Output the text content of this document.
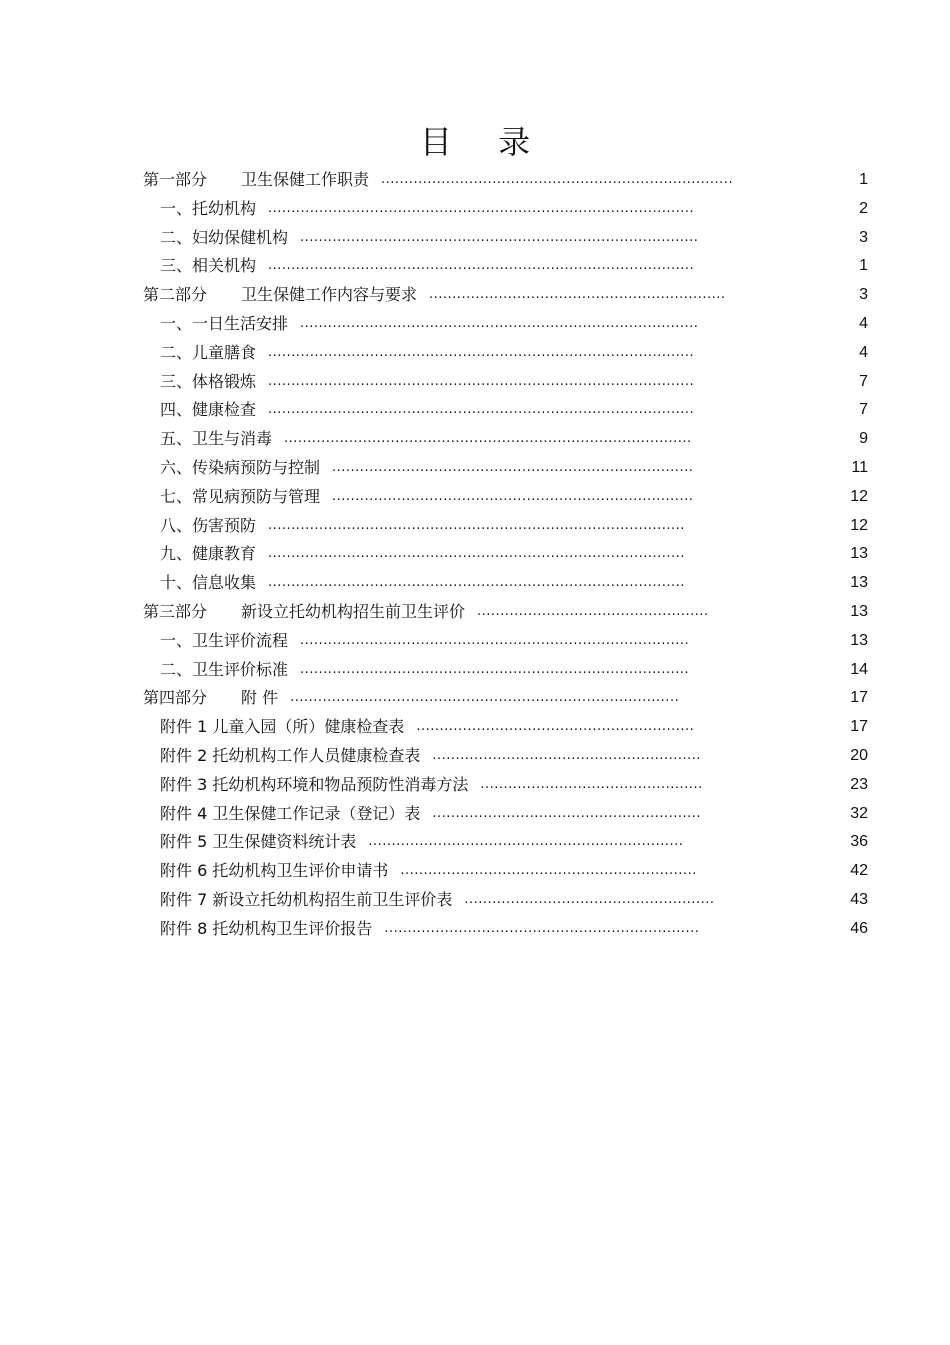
目 录
第一部分 卫生保健工作职责 ............................................................................	1
一、托幼机构 ............................................................................................	2
二、妇幼保健机构 ......................................................................................	3
三、相关机构 ............................................................................................	1
第二部分 卫生保健工作内容与要求 ................................................................	3
一、一日生活安排 ......................................................................................	4
二、儿童膳食 ............................................................................................	4
三、体格锻炼 ............................................................................................	7
四、健康检查 ............................................................................................	7
五、卫生与消毒 ........................................................................................	9
六、传染病预防与控制 ..............................................................................	11
七、常见病预防与管理 ..............................................................................	12
八、伤害预防 ..........................................................................................	12
九、健康教育 ..........................................................................................	13
十、信息收集 ..........................................................................................	13
第三部分 新设立托幼机构招生前卫生评价 ..................................................	13
一、卫生评价流程 ....................................................................................	13
二、卫生评价标准 ....................................................................................	14
第四部分 附 件 ....................................................................................	17
附件 1 儿童入园（所）健康检查表 ............................................................	17
附件 2 托幼机构工作人员健康检查表 ..........................................................	20
附件 3 托幼机构环境和物品预防性消毒方法 ................................................	23
附件 4 卫生保健工作记录（登记）表 ..........................................................	32
附件 5 卫生保健资料统计表 ....................................................................	36
附件 6 托幼机构卫生评价申请书 ................................................................	42
附件 7 新设立托幼机构招生前卫生评价表 ......................................................	43
附件 8 托幼机构卫生评价报告 ....................................................................	46
